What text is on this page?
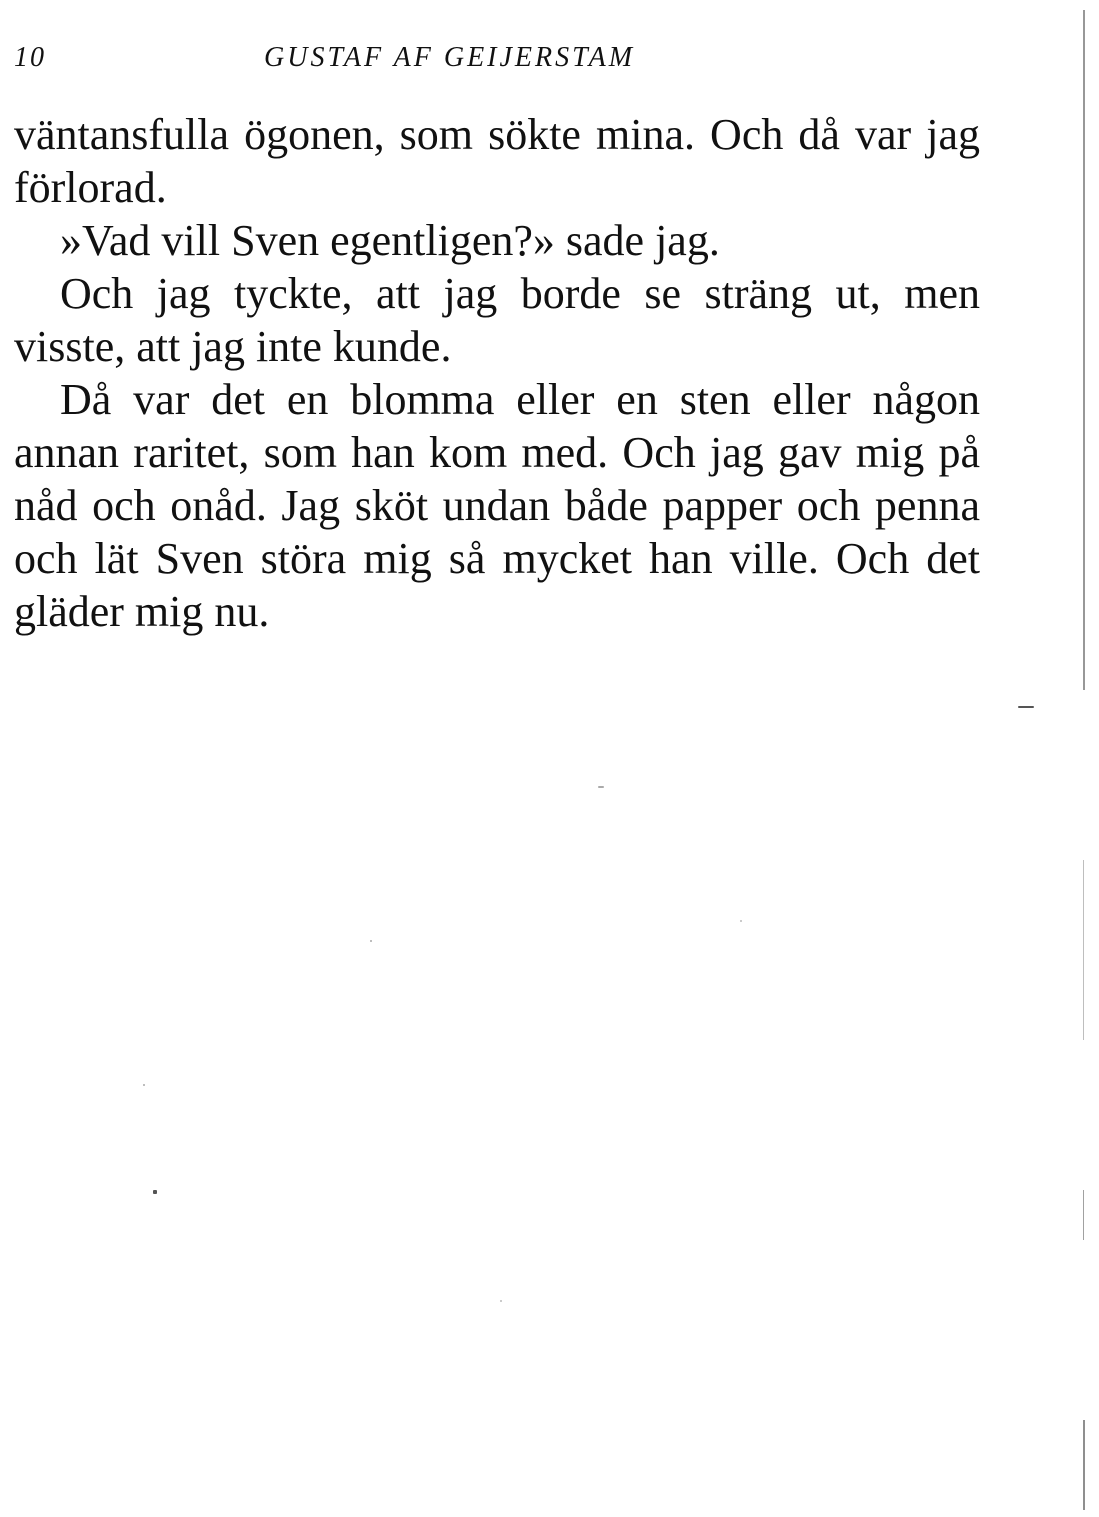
10	GUSTAF AF GEIJERSTAM

väntansfulla ögonen, som sökte mina. Och då var jag förlorad.

»Vad vill Sven egentligen?» sade jag.

Och jag tyckte, att jag borde se sträng ut, men visste, att jag inte kunde.

Då var det en blomma eller en sten eller någon annan raritet, som han kom med. Och jag gav mig på nåd och onåd. Jag sköt undan både papper och penna och lät Sven störa mig så mycket han ville. Och det gläder mig nu.
